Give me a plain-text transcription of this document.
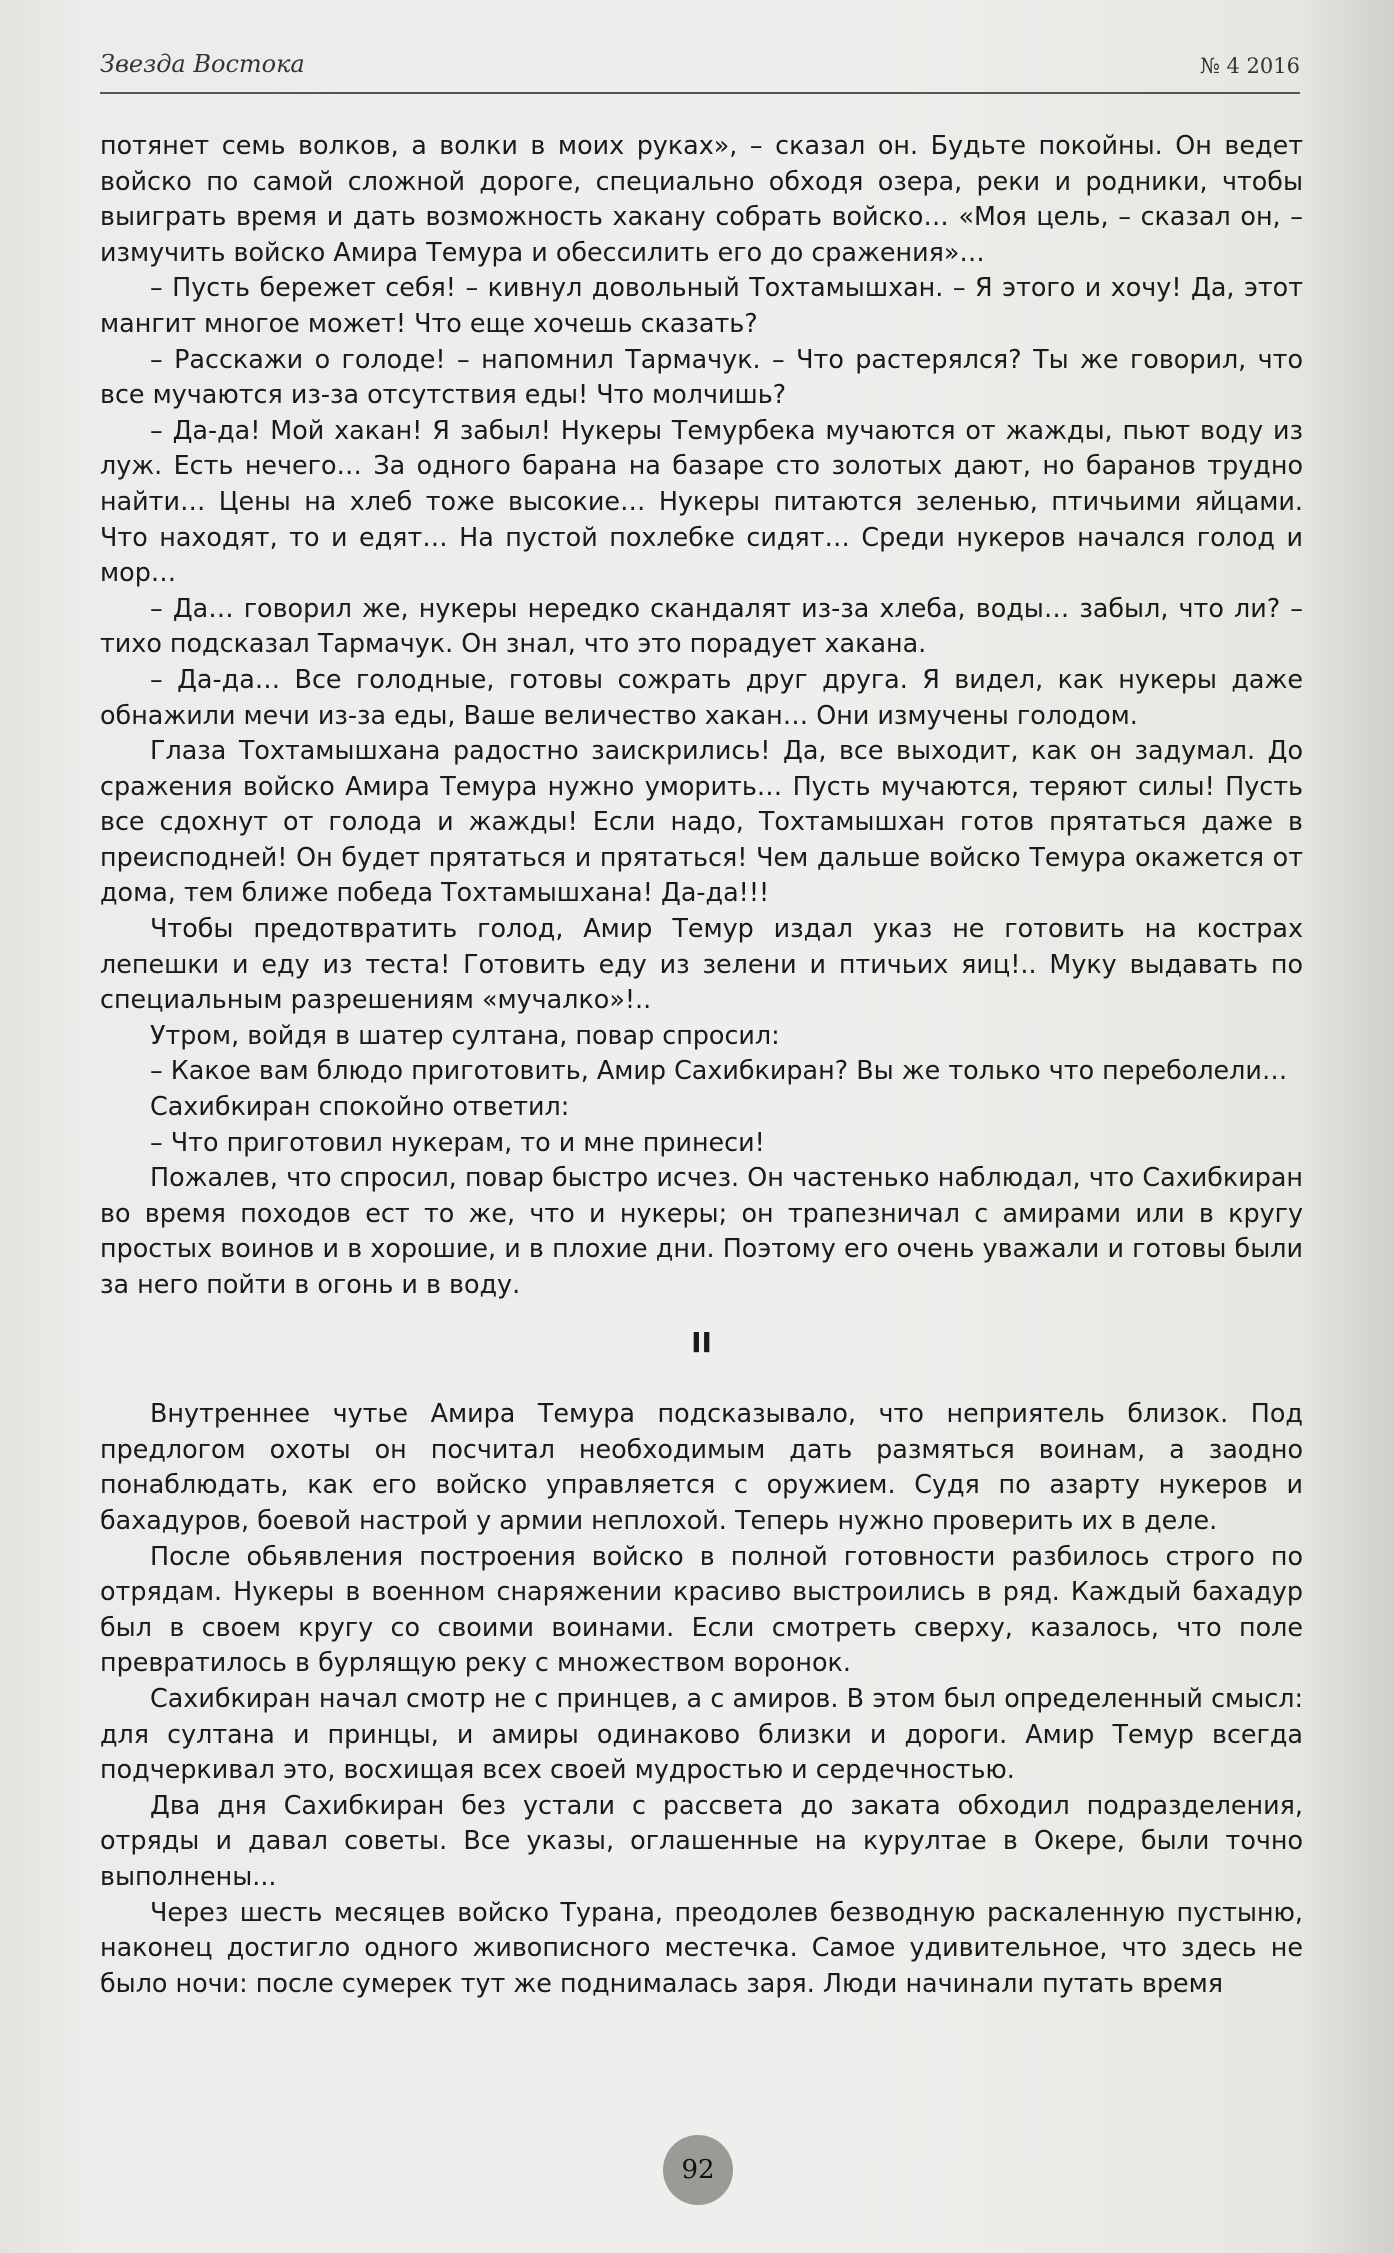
Звезда Востока	№ 4 2016

потянет семь волков, а волки в моих руках», – сказал он. Будьте покойны. Он ведет войско по самой сложной дороге, специально обходя озера, реки и родники, чтобы выиграть время и дать возможность хакану собрать войско… «Моя цель, – сказал он, – измучить войско Амира Темура и обессилить его до сражения»…

– Пусть бережет себя! – кивнул довольный Тохтамышхан. – Я этого и хочу! Да, этот мангит многое может! Что еще хочешь сказать?

– Расскажи о голоде! – напомнил Тармачук. – Что растерялся? Ты же говорил, что все мучаются из-за отсутствия еды! Что молчишь?

– Да-да! Мой хакан! Я забыл! Нукеры Темурбека мучаются от жажды, пьют воду из луж. Есть нечего… За одного барана на базаре сто золотых дают, но баранов трудно найти… Цены на хлеб тоже высокие… Нукеры питаются зеленью, птичьими яйцами. Что находят, то и едят… На пустой похлебке сидят… Среди нукеров начался голод и мор…

– Да… говорил же, нукеры нередко скандалят из-за хлеба, воды… забыл, что ли? – тихо подсказал Тармачук. Он знал, что это порадует хакана.

– Да-да… Все голодные, готовы сожрать друг друга. Я видел, как нукеры даже обнажили мечи из-за еды, Ваше величество хакан… Они измучены голодом.

Глаза Тохтамышхана радостно заискрились! Да, все выходит, как он задумал. До сражения войско Амира Темура нужно уморить… Пусть мучаются, теряют силы! Пусть все сдохнут от голода и жажды! Если надо, Тохтамышхан готов прятаться даже в преисподней! Он будет прятаться и прятаться! Чем дальше войско Темура окажется от дома, тем ближе победа Тохтамышхана! Да-да!!!

Чтобы предотвратить голод, Амир Темур издал указ не готовить на кострах лепешки и еду из теста! Готовить еду из зелени и птичьих яиц!.. Муку выдавать по специальным разрешениям «мучалко»!..

Утром, войдя в шатер султана, повар спросил:

– Какое вам блюдо приготовить, Амир Сахибкиран? Вы же только что переболели…

Сахибкиран спокойно ответил:

– Что приготовил нукерам, то и мне принеси!

Пожалев, что спросил, повар быстро исчез. Он частенько наблюдал, что Сахибкиран во время походов ест то же, что и нукеры; он трапезничал с амирами или в кругу простых воинов и в хорошие, и в плохие дни. Поэтому его очень уважали и готовы были за него пойти в огонь и в воду.

II

Внутреннее чутье Амира Темура подсказывало, что неприятель близок. Под предлогом охоты он посчитал необходимым дать размяться воинам, а заодно понаблюдать, как его войско управляется с оружием. Судя по азарту нукеров и бахадуров, боевой настрой у армии неплохой. Теперь нужно проверить их в деле.

После обьявления построения войско в полной готовности разбилось строго по отрядам. Нукеры в военном снаряжении красиво выстроились в ряд. Каждый бахадур был в своем кругу со своими воинами. Если смотреть сверху, казалось, что поле превратилось в бурлящую реку с множеством воронок.

Сахибкиран начал смотр не с принцев, а с амиров. В этом был определенный смысл: для султана и принцы, и амиры одинаково близки и дороги. Амир Темур всегда подчеркивал это, восхищая всех своей мудростью и сердечностью.

Два дня Сахибкиран без устали с рассвета до заката обходил подразделения, отряды и давал советы. Все указы, оглашенные на курултае в Окере, были точно выполнены...

Через шесть месяцев войско Турана, преодолев безводную раскаленную пустыню, наконец достигло одного живописного местечка. Самое удивительное, что здесь не было ночи: после сумерек тут же поднималась заря. Люди начинали путать время

92
